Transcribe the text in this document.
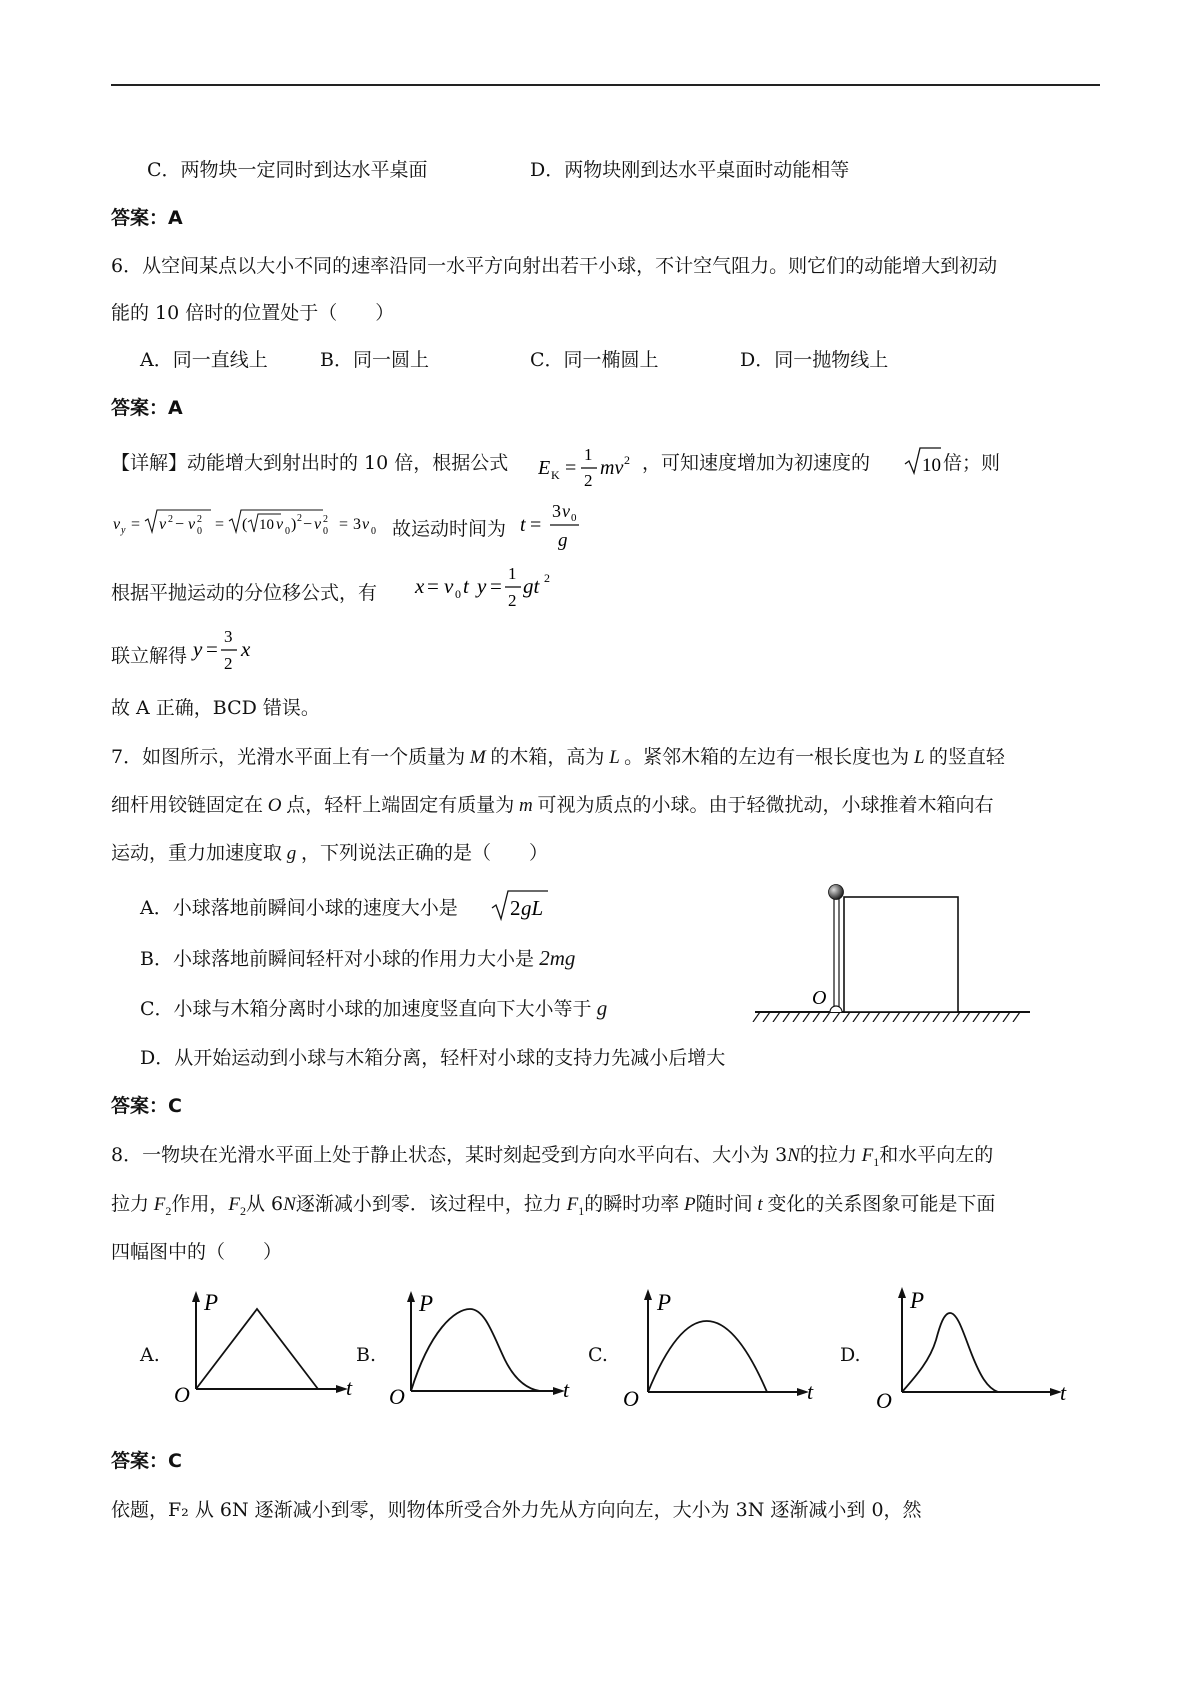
C．两物块一定同时到达水平桌面	D．两物块刚到达水平桌面时动能相等
答案：A
6．从空间某点以大小不同的速率沿同一水平方向射出若干小球，不计空气阻力。则它们的动能增大到初动
能的 10 倍时的位置处于（　　）
A．同一直线上	B．同一圆上	C．同一椭圆上	D．同一抛物线上
答案：A
【详解】动能增大到射出时的 10 倍，根据公式 E K =
1
2
mv 2 ，可知速度增加为初速度的	10 倍；则
v y = v 2 − v 2
0 = ( 10 v 0 ) 2 − v 2
0 = 3 v 0 故运动时间为 t =
3 v 0
g
根据平抛运动的分位移公式，有 x = v 0 t y =
1
2
gt 2
联立解得 y =
3
2
x
故 A 正确，BCD 错误。
7．如图所示，光滑水平面上有一个质量为 M 的木箱，高为 L 。紧邻木箱的左边有一根长度也为 L 的竖直轻
细杆用铰链固定在 O 点，轻杆上端固定有质量为 m 可视为质点的小球。由于轻微扰动，小球推着木箱向右
运动，重力加速度取 g ，下列说法正确的是（　　）
A．小球落地前瞬间小球的速度大小是 2 gL
B．小球落地前瞬间轻杆对小球的作用力大小是 2mg
C．小球与木箱分离时小球的加速度竖直向下大小等于 g
D．从开始运动到小球与木箱分离，轻杆对小球的支持力先减小后增大
O
答案：C
8．一物块在光滑水平面上处于静止状态，某时刻起受到方向水平向右、大小为 3N的拉力 $F_1$和水平向左的
拉力 $F_2$作用，$F_2$从 6N逐渐减小到零．该过程中，拉力 $F_1$的瞬时功率 P随时间 t 变化的关系图象可能是下面
四幅图中的（　　）
A.
P
t
O
B.
P
t
O
C.
P
t
O
D.
P
t
O
答案：C
依题，F₂ 从 6N 逐渐减小到零，则物体所受合外力先从方向向左，大小为 3N 逐渐减小到 0，然
